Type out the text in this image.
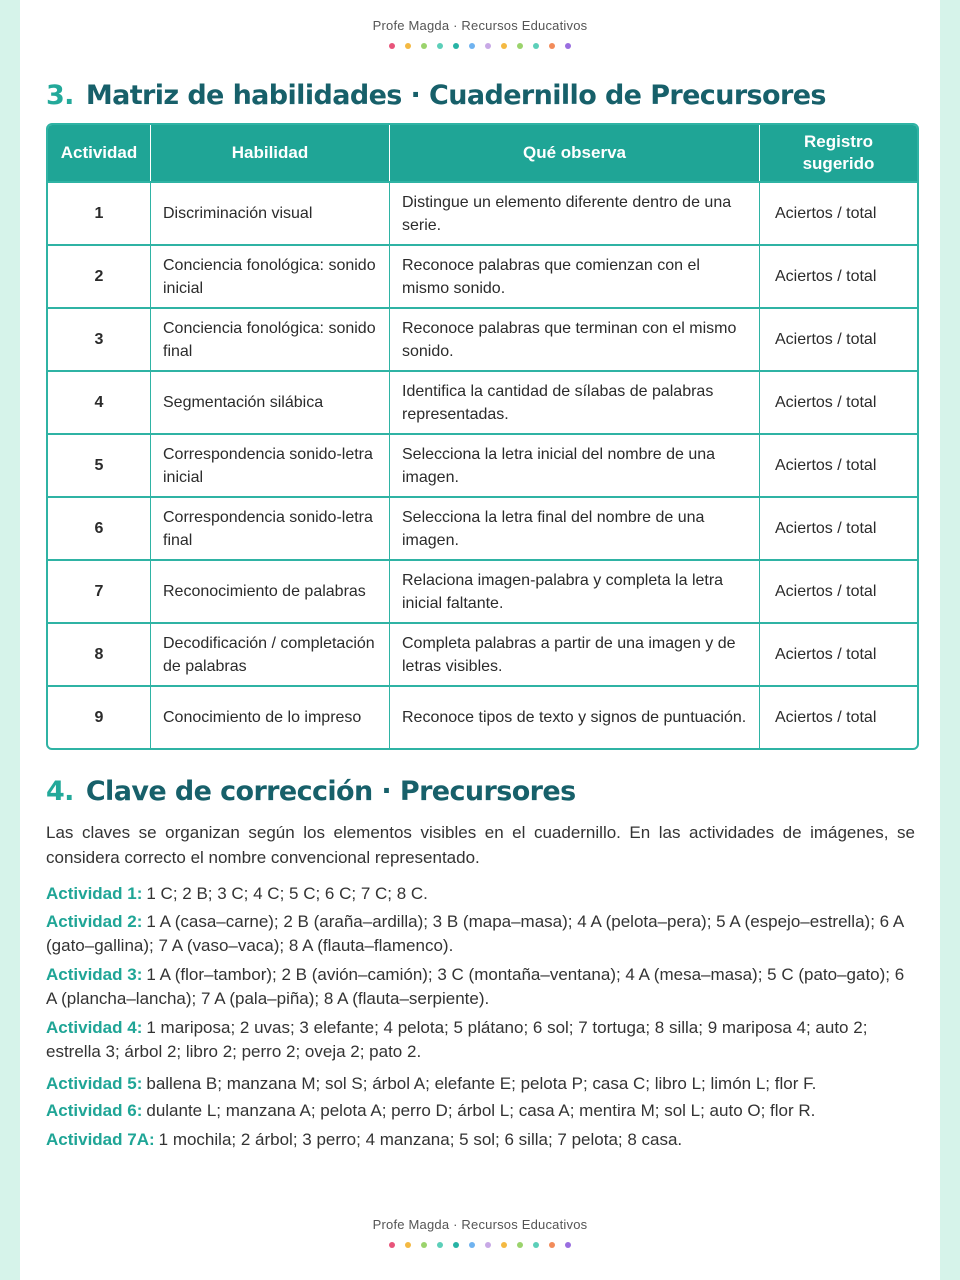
Profe Magda · Recursos Educativos
3. Matriz de habilidades · Cuadernillo de Precursores
Actividad	Habilidad	Qué observa	Registro sugerido
1	Discriminación visual	Distingue un elemento diferente dentro de una serie.	Aciertos / total
2	Conciencia fonológica: sonido inicial	Reconoce palabras que comienzan con el mismo sonido.	Aciertos / total
3	Conciencia fonológica: sonido final	Reconoce palabras que terminan con el mismo sonido.	Aciertos / total
4	Segmentación silábica	Identifica la cantidad de sílabas de palabras representadas.	Aciertos / total
5	Correspondencia sonido-letra inicial	Selecciona la letra inicial del nombre de una imagen.	Aciertos / total
6	Correspondencia sonido-letra final	Selecciona la letra final del nombre de una imagen.	Aciertos / total
7	Reconocimiento de palabras	Relaciona imagen-palabra y completa la letra inicial faltante.	Aciertos / total
8	Decodificación / completación de palabras	Completa palabras a partir de una imagen y de letras visibles.	Aciertos / total
9	Conocimiento de lo impreso	Reconoce tipos de texto y signos de puntuación.	Aciertos / total
4. Clave de corrección · Precursores

Las claves se organizan según los elementos visibles en el cuadernillo. En las actividades de imágenes, se considera correcto el nombre convencional representado.

Actividad 1: 1 C; 2 B; 3 C; 4 C; 5 C; 6 C; 7 C; 8 C.

Actividad 2: 1 A (casa–carne); 2 B (araña–ardilla); 3 B (mapa–masa); 4 A (pelota–pera); 5 A (espejo–estrella); 6 A (gato–gallina); 7 A (vaso–vaca); 8 A (flauta–flamenco).

Actividad 3: 1 A (flor–tambor); 2 B (avión–camión); 3 C (montaña–ventana); 4 A (mesa–masa); 5 C (pato–gato); 6 A (plancha–lancha); 7 A (pala–piña); 8 A (flauta–serpiente).

Actividad 4: 1 mariposa; 2 uvas; 3 elefante; 4 pelota; 5 plátano; 6 sol; 7 tortuga; 8 silla; 9 mariposa 4; auto 2; estrella 3; árbol 2; libro 2; perro 2; oveja 2; pato 2.

Actividad 5: ballena B; manzana M; sol S; árbol A; elefante E; pelota P; casa C; libro L; limón L; flor F.

Actividad 6: dulante L; manzana A; pelota A; perro D; árbol L; casa A; mentira M; sol L; auto O; flor R.

Actividad 7A: 1 mochila; 2 árbol; 3 perro; 4 manzana; 5 sol; 6 silla; 7 pelota; 8 casa.

Profe Magda · Recursos Educativos
